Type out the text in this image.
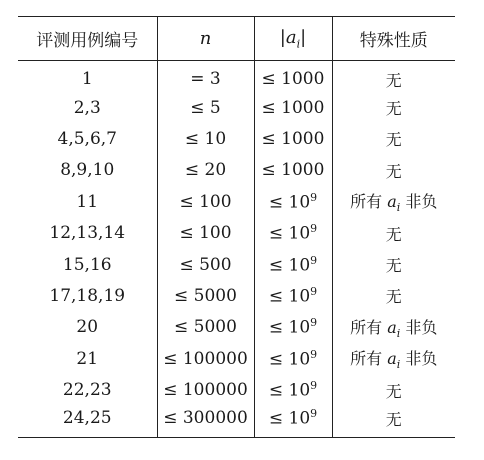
评测用例编号	n	$|a_i|$	特殊性质
1	= 3	≤ 1000	无
2,3	≤ 5	≤ 1000	无
4,5,6,7	≤ 10	≤ 1000	无
8,9,10	≤ 20	≤ 1000	无
11	≤ 100	≤ $10^9$	所有 $a_i$ 非负
12,13,14	≤ 100	≤ $10^9$	无
15,16	≤ 500	≤ $10^9$	无
17,18,19	≤ 5000	≤ $10^9$	无
20	≤ 5000	≤ $10^9$	所有 $a_i$ 非负
21	≤ 100000	≤ $10^9$	所有 $a_i$ 非负
22,23	≤ 100000	≤ $10^9$	无
24,25	≤ 300000	≤ $10^9$	无
